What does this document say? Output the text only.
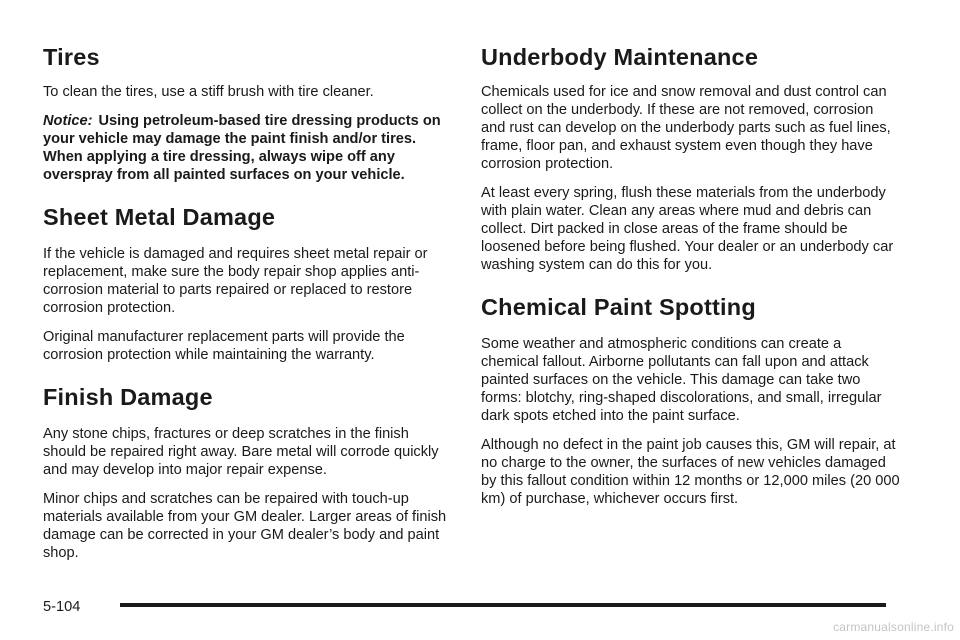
Tires

To clean the tires, use a stiff brush with tire cleaner.

Notice: Using petroleum-based tire dressing products on your vehicle may damage the paint finish and/or tires. When applying a tire dressing, always wipe off any overspray from all painted surfaces on your vehicle.

Sheet Metal Damage

If the vehicle is damaged and requires sheet metal repair or replacement, make sure the body repair shop applies anti-corrosion material to parts repaired or replaced to restore corrosion protection.

Original manufacturer replacement parts will provide the corrosion protection while maintaining the warranty.

Finish Damage

Any stone chips, fractures or deep scratches in the finish should be repaired right away. Bare metal will corrode quickly and may develop into major repair expense.

Minor chips and scratches can be repaired with touch-up materials available from your GM dealer. Larger areas of finish damage can be corrected in your GM dealer’s body and paint shop.

Underbody Maintenance

Chemicals used for ice and snow removal and dust control can collect on the underbody. If these are not removed, corrosion and rust can develop on the underbody parts such as fuel lines, frame, floor pan, and exhaust system even though they have corrosion protection.

At least every spring, flush these materials from the underbody with plain water. Clean any areas where mud and debris can collect. Dirt packed in close areas of the frame should be loosened before being flushed. Your dealer or an underbody car washing system can do this for you.

Chemical Paint Spotting

Some weather and atmospheric conditions can create a chemical fallout. Airborne pollutants can fall upon and attack painted surfaces on the vehicle. This damage can take two forms: blotchy, ring-shaped discolorations, and small, irregular dark spots etched into the paint surface.

Although no defect in the paint job causes this, GM will repair, at no charge to the owner, the surfaces of new vehicles damaged by this fallout condition within 12 months or 12,000 miles (20 000 km) of purchase, whichever occurs first.

5-104
carmanualsonline.info
